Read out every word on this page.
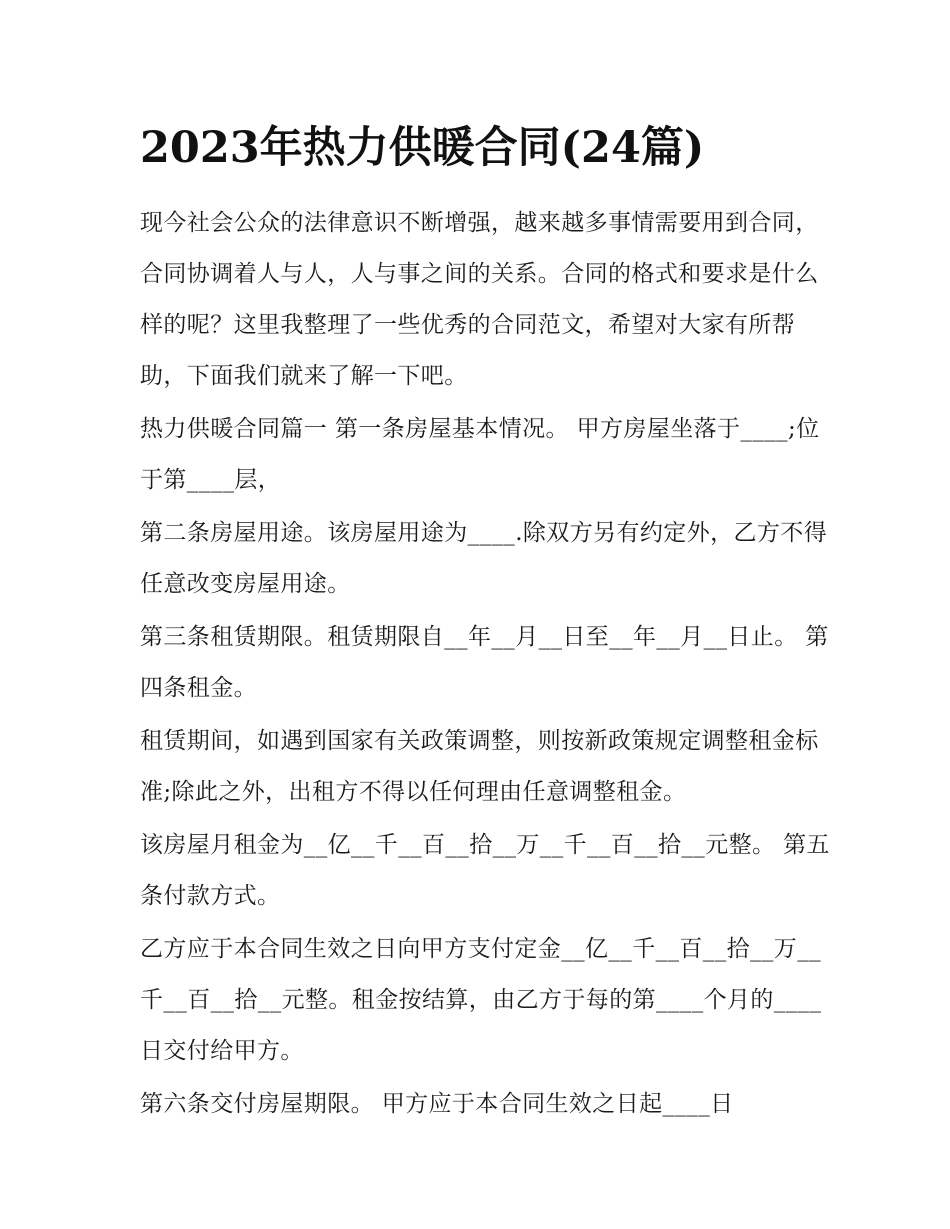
2023年热力供暖合同(24篇)

现今社会公众的法律意识不断增强，越来越多事情需要用到合同，合同协调着人与人，人与事之间的关系。合同的格式和要求是什么样的呢？这里我整理了一些优秀的合同范文，希望对大家有所帮助，下面我们就来了解一下吧。

热力供暖合同篇一 第一条房屋基本情况。 甲方房屋坐落于____;位于第____层，

第二条房屋用途。该房屋用途为____.除双方另有约定外，乙方不得任意改变房屋用途。

第三条租赁期限。租赁期限自__年__月__日至__年__月__日止。 第四条租金。

租赁期间，如遇到国家有关政策调整，则按新政策规定调整租金标准;除此之外，出租方不得以任何理由任意调整租金。

该房屋月租金为__亿__千__百__拾__万__千__百__拾__元整。 第五条付款方式。

乙方应于本合同生效之日向甲方支付定金__亿__千__百__拾__万__千__百__拾__元整。租金按结算，由乙方于每的第____个月的____日交付给甲方。

第六条交付房屋期限。 甲方应于本合同生效之日起____日
